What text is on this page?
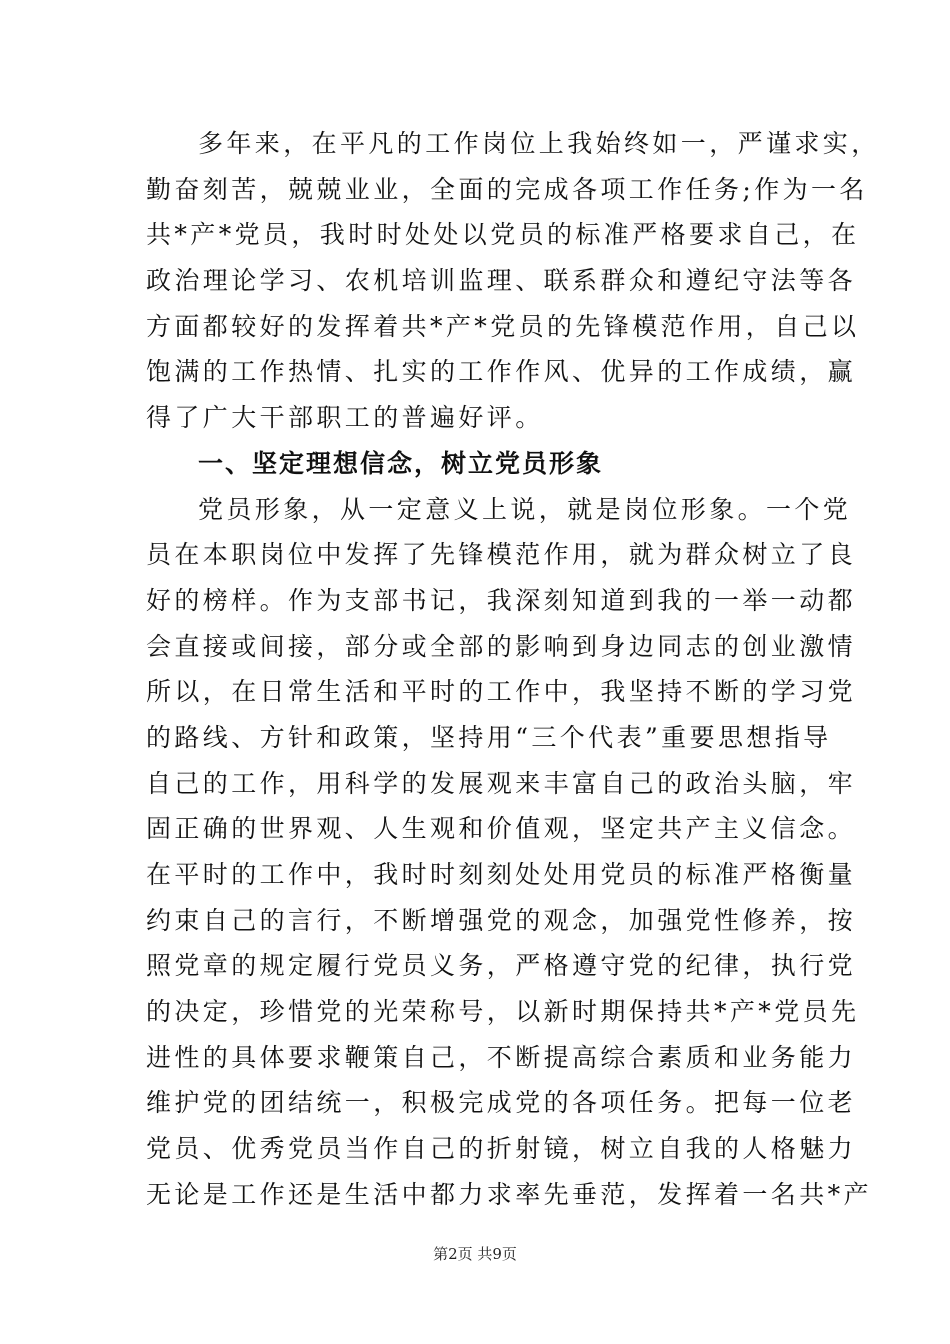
多年来，在平凡的工作岗位上我始终如一，严谨求实，
勤奋刻苦，兢兢业业，全面的完成各项工作任务;作为一名
共*产*党员，我时时处处以党员的标准严格要求自己，在
政治理论学习、农机培训监理、联系群众和遵纪守法等各
方面都较好的发挥着共*产*党员的先锋模范作用，自己以
饱满的工作热情、扎实的工作作风、优异的工作成绩，赢
得了广大干部职工的普遍好评。
一、坚定理想信念，树立党员形象
党员形象，从一定意义上说，就是岗位形象。一个党
员在本职岗位中发挥了先锋模范作用，就为群众树立了良
好的榜样。作为支部书记，我深刻知道到我的一举一动都
会直接或间接，部分或全部的影响到身边同志的创业激情
所以，在日常生活和平时的工作中，我坚持不断的学习党
的路线、方针和政策，坚持用“三个代表”重要思想指导
自己的工作，用科学的发展观来丰富自己的政治头脑，牢
固正确的世界观、人生观和价值观，坚定共产主义信念。
在平时的工作中，我时时刻刻处处用党员的标准严格衡量
约束自己的言行，不断增强党的观念，加强党性修养，按
照党章的规定履行党员义务，严格遵守党的纪律，执行党
的决定，珍惜党的光荣称号，以新时期保持共*产*党员先
进性的具体要求鞭策自己，不断提高综合素质和业务能力
维护党的团结统一，积极完成党的各项任务。把每一位老
党员、优秀党员当作自己的折射镜，树立自我的人格魅力
无论是工作还是生活中都力求率先垂范，发挥着一名共*产
第2页 共9页
